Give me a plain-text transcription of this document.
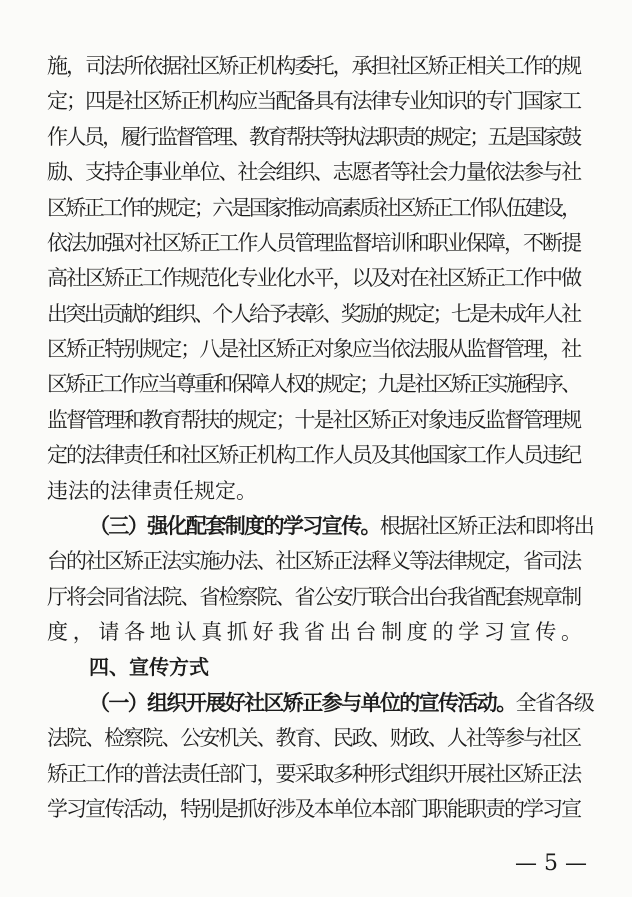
施，司法所依据社区矫正机构委托，承担社区矫正相关工作的规
定；四是社区矫正机构应当配备具有法律专业知识的专门国家工
作人员，履行监督管理、教育帮扶等执法职责的规定；五是国家鼓
励、支持企事业单位、社会组织、志愿者等社会力量依法参与社
区矫正工作的规定；六是国家推动高素质社区矫正工作队伍建设，
依法加强对社区矫正工作人员管理监督培训和职业保障，不断提
高社区矫正工作规范化专业化水平，以及对在社区矫正工作中做
出突出贡献的组织、个人给予表彰、奖励的规定；七是未成年人社
区矫正特别规定；八是社区矫正对象应当依法服从监督管理，社
区矫正工作应当尊重和保障人权的规定；九是社区矫正实施程序、
监督管理和教育帮扶的规定；十是社区矫正对象违反监督管理规
定的法律责任和社区矫正机构工作人员及其他国家工作人员违纪
违法的法律责任规定。
（三）强化配套制度的学习宣传。根据社区矫正法和即将出
台的社区矫正法实施办法、社区矫正法释义等法律规定，省司法
厅将会同省法院、省检察院、省公安厅联合出台我省配套规章制
度，请各地认真抓好我省出台制度的学习宣传。
四、宣传方式
（一）组织开展好社区矫正参与单位的宣传活动。全省各级
法院、检察院、公安机关、教育、民政、财政、人社等参与社区
矫正工作的普法责任部门，要采取多种形式组织开展社区矫正法
学习宣传活动，特别是抓好涉及本单位本部门职能职责的学习宣
— 5 —
